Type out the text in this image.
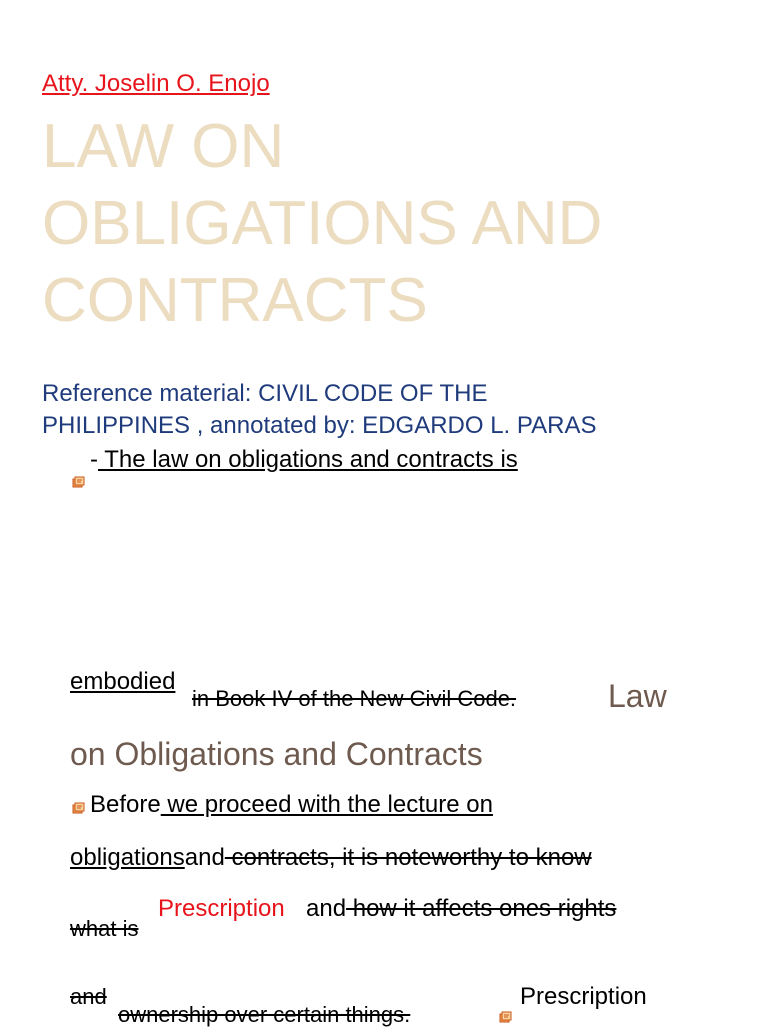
Atty. Joselin O. Enojo
LAW ON
OBLIGATIONS AND
CONTRACTS
Reference material: CIVIL CODE OF THE
PHILIPPINES , annotated by: EDGARDO L. PARAS
- The law on obligations and contracts is
embodied
in Book IV of the New Civil Code.	Law
on Obligations and Contracts
Before we proceed with the lecture on
obligationsand contracts, it is noteworthy to know
what is
Prescription and how it affects ones rights
and
ownership over certain things.
Prescription
